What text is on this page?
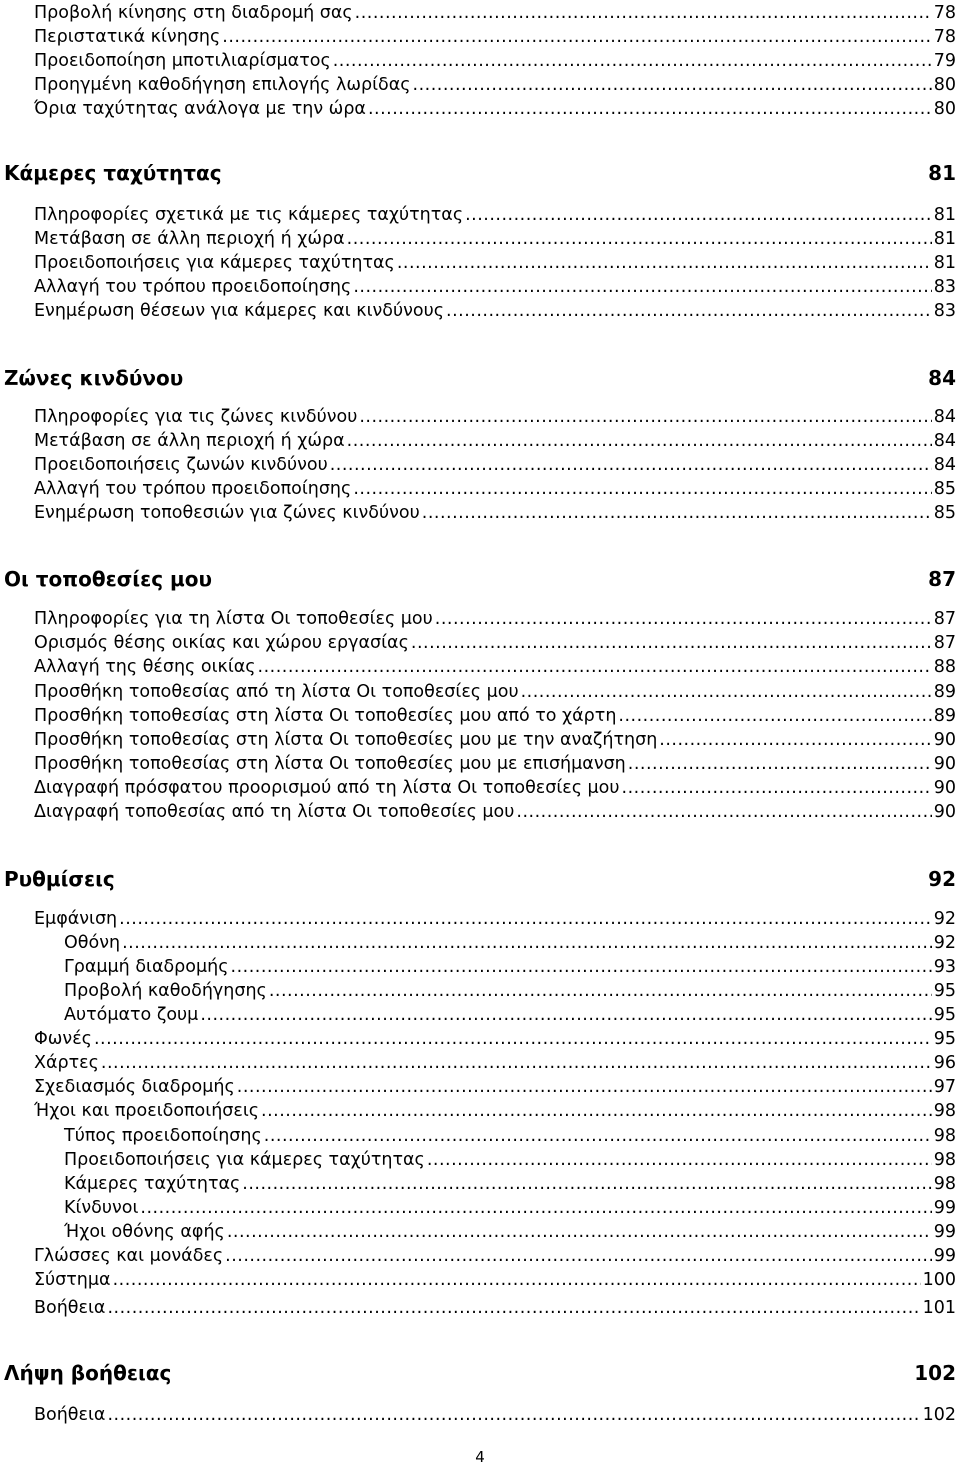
Προβολή κίνησης στη διαδρομή σας .....	78
Περιστατικά κίνησης .....	78
Προειδοποίηση μποτιλιαρίσματος .....	79
Προηγμένη καθοδήγηση επιλογής λωρίδας .....	80
Όρια ταχύτητας ανάλογα με την ώρα .....	80
Κάμερες ταχύτητας	81
Πληροφορίες σχετικά με τις κάμερες ταχύτητας .....	81
Μετάβαση σε άλλη περιοχή ή χώρα .....	81
Προειδοποιήσεις για κάμερες ταχύτητας .....	81
Αλλαγή του τρόπου προειδοποίησης .....	83
Ενημέρωση θέσεων για κάμερες και κινδύνους .....	83
Ζώνες κινδύνου	84
Πληροφορίες για τις ζώνες κινδύνου .....	84
Μετάβαση σε άλλη περιοχή ή χώρα .....	84
Προειδοποιήσεις ζωνών κινδύνου .....	84
Αλλαγή του τρόπου προειδοποίησης .....	85
Ενημέρωση τοποθεσιών για ζώνες κινδύνου .....	85
Οι τοποθεσίες μου	87
Πληροφορίες για τη λίστα Οι τοποθεσίες μου .....	87
Ορισμός θέσης οικίας και χώρου εργασίας .....	87
Αλλαγή της θέσης οικίας .....	88
Προσθήκη τοποθεσίας από τη λίστα Οι τοποθεσίες μου .....	89
Προσθήκη τοποθεσίας στη λίστα Οι τοποθεσίες μου από το χάρτη .....	89
Προσθήκη τοποθεσίας στη λίστα Οι τοποθεσίες μου με την αναζήτηση .....	90
Προσθήκη τοποθεσίας στη λίστα Οι τοποθεσίες μου με επισήμανση .....	90
Διαγραφή πρόσφατου προορισμού από τη λίστα Οι τοποθεσίες μου .....	90
Διαγραφή τοποθεσίας από τη λίστα Οι τοποθεσίες μου .....	90
Ρυθμίσεις	92
Εμφάνιση .....	92
Οθόνη .....	92
Γραμμή διαδρομής .....	93
Προβολή καθοδήγησης .....	95
Αυτόματο ζουμ .....	95
Φωνές .....	95
Χάρτες .....	96
Σχεδιασμός διαδρομής .....	97
Ήχοι και προειδοποιήσεις .....	98
Τύπος προειδοποίησης .....	98
Προειδοποιήσεις για κάμερες ταχύτητας .....	98
Κάμερες ταχύτητας .....	98
Κίνδυνοι .....	99
Ήχοι οθόνης αφής .....	99
Γλώσσες και μονάδες .....	99
Σύστημα .....	100
Βοήθεια .....	101
Λήψη βοήθειας	102
Βοήθεια .....	102
4
